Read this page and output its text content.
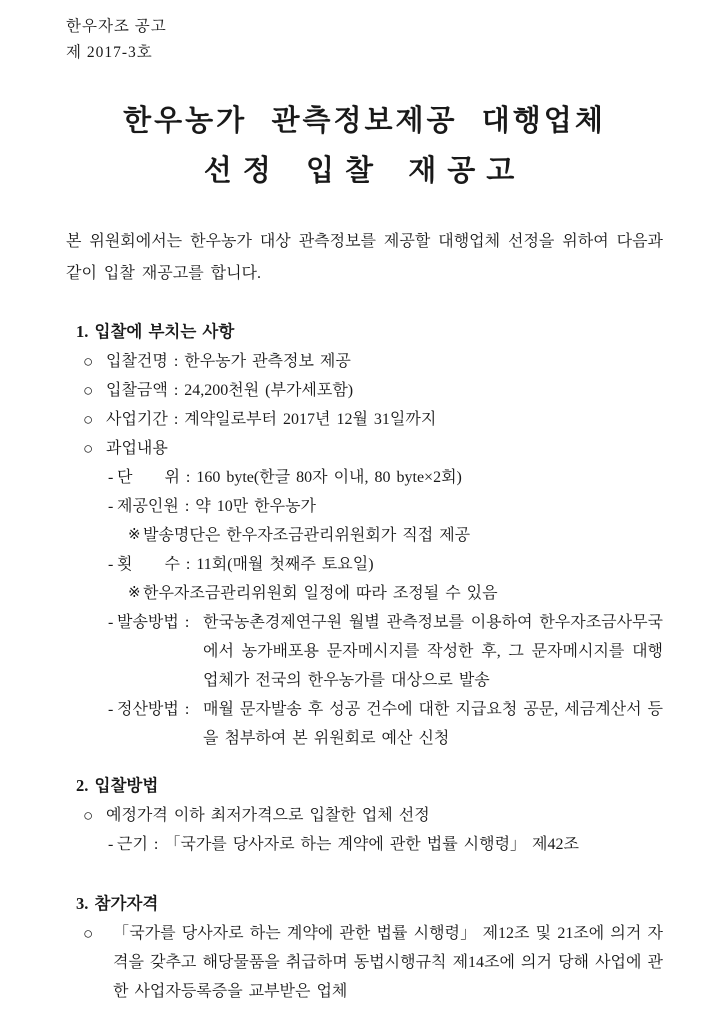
한우자조 공고
제 2017-3호
한우농가 관측정보제공 대행업체
선정 입찰 재공고

본 위원회에서는 한우농가 대상 관측정보를 제공할 대행업체 선정을 위하여 다음과 같이 입찰 재공고를 합니다.

1. 입찰에 부치는 사항
○ 입찰건명 : 한우농가 관측정보 제공
○ 입찰금액 : 24,200천원 (부가세포함)
○ 사업기간 : 계약일로부터 2017년 12월 31일까지
○ 과업내용
- 단　　위 : 160 byte(한글 80자 이내, 80 byte×2회)
- 제공인원 : 약 10만 한우농가
※ 발송명단은 한우자조금관리위원회가 직접 제공
- 횟　　수 : 11회(매월 첫째주 토요일)
※ 한우자조금관리위원회 일정에 따라 조정될 수 있음
- 발송방법 : 한국농촌경제연구원 월별 관측정보를 이용하여 한우자조금사무국에서 농가배포용 문자메시지를 작성한 후, 그 문자메시지를 대행업체가 전국의 한우농가를 대상으로 발송
- 정산방법 : 매월 문자발송 후 성공 건수에 대한 지급요청 공문, 세금계산서 등을 첨부하여 본 위원회로 예산 신청
2. 입찰방법
○ 예정가격 이하 최저가격으로 입찰한 업체 선정
- 근기 : 「국가를 당사자로 하는 계약에 관한 법률 시행령」 제42조
3. 참가자격
○	「국가를 당사자로 하는 계약에 관한 법률 시행령」 제12조 및 21조에 의거 자격을 갖추고 해당물품을 취급하며 동법시행규칙 제14조에 의거 당해 사업에 관한 사업자등록증을 교부받은 업체
